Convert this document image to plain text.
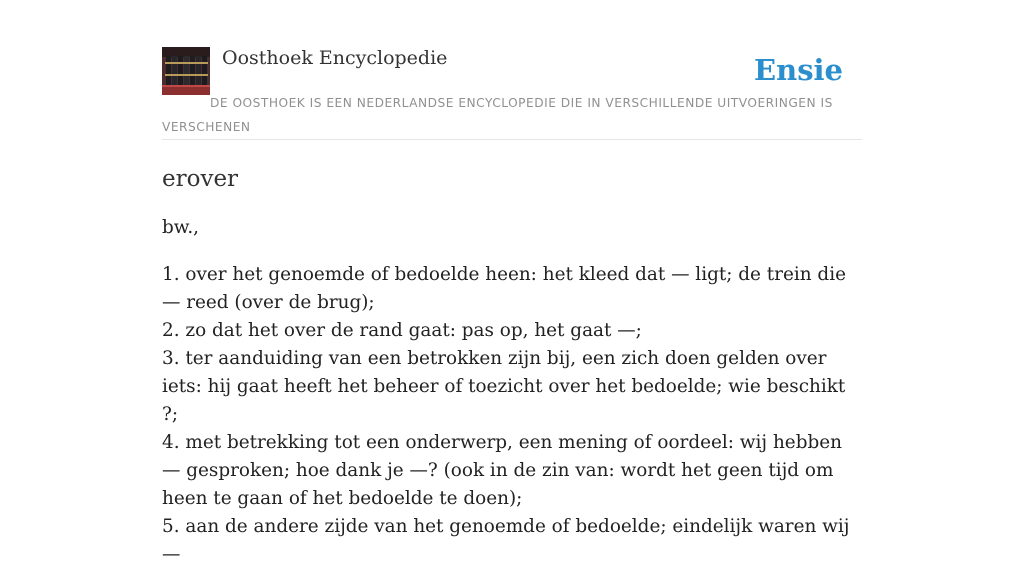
Oosthoek Encyclopedie	Ensie
DE OOSTHOEK IS EEN NEDERLANDSE ENCYCLOPEDIE DIE IN VERSCHILLENDE UITVOERINGEN IS VERSCHENEN
erover

bw.,

1. over het genoemde of bedoelde heen: het kleed dat — ligt; de trein die — reed (over de brug);
2. zo dat het over de rand gaat: pas op, het gaat —;
3. ter aanduiding van een betrokken zijn bij, een zich doen gelden over iets: hij gaat heeft het beheer of toezicht over het bedoelde; wie beschikt ?;
4. met betrekking tot een onderwerp, een mening of oordeel: wij hebben — gesproken; hoe dank je —? (ook in de zin van: wordt het geen tijd om heen te gaan of het bedoelde te doen);
5. aan de andere zijde van het genoemde of bedoelde; eindelijk waren wij —
